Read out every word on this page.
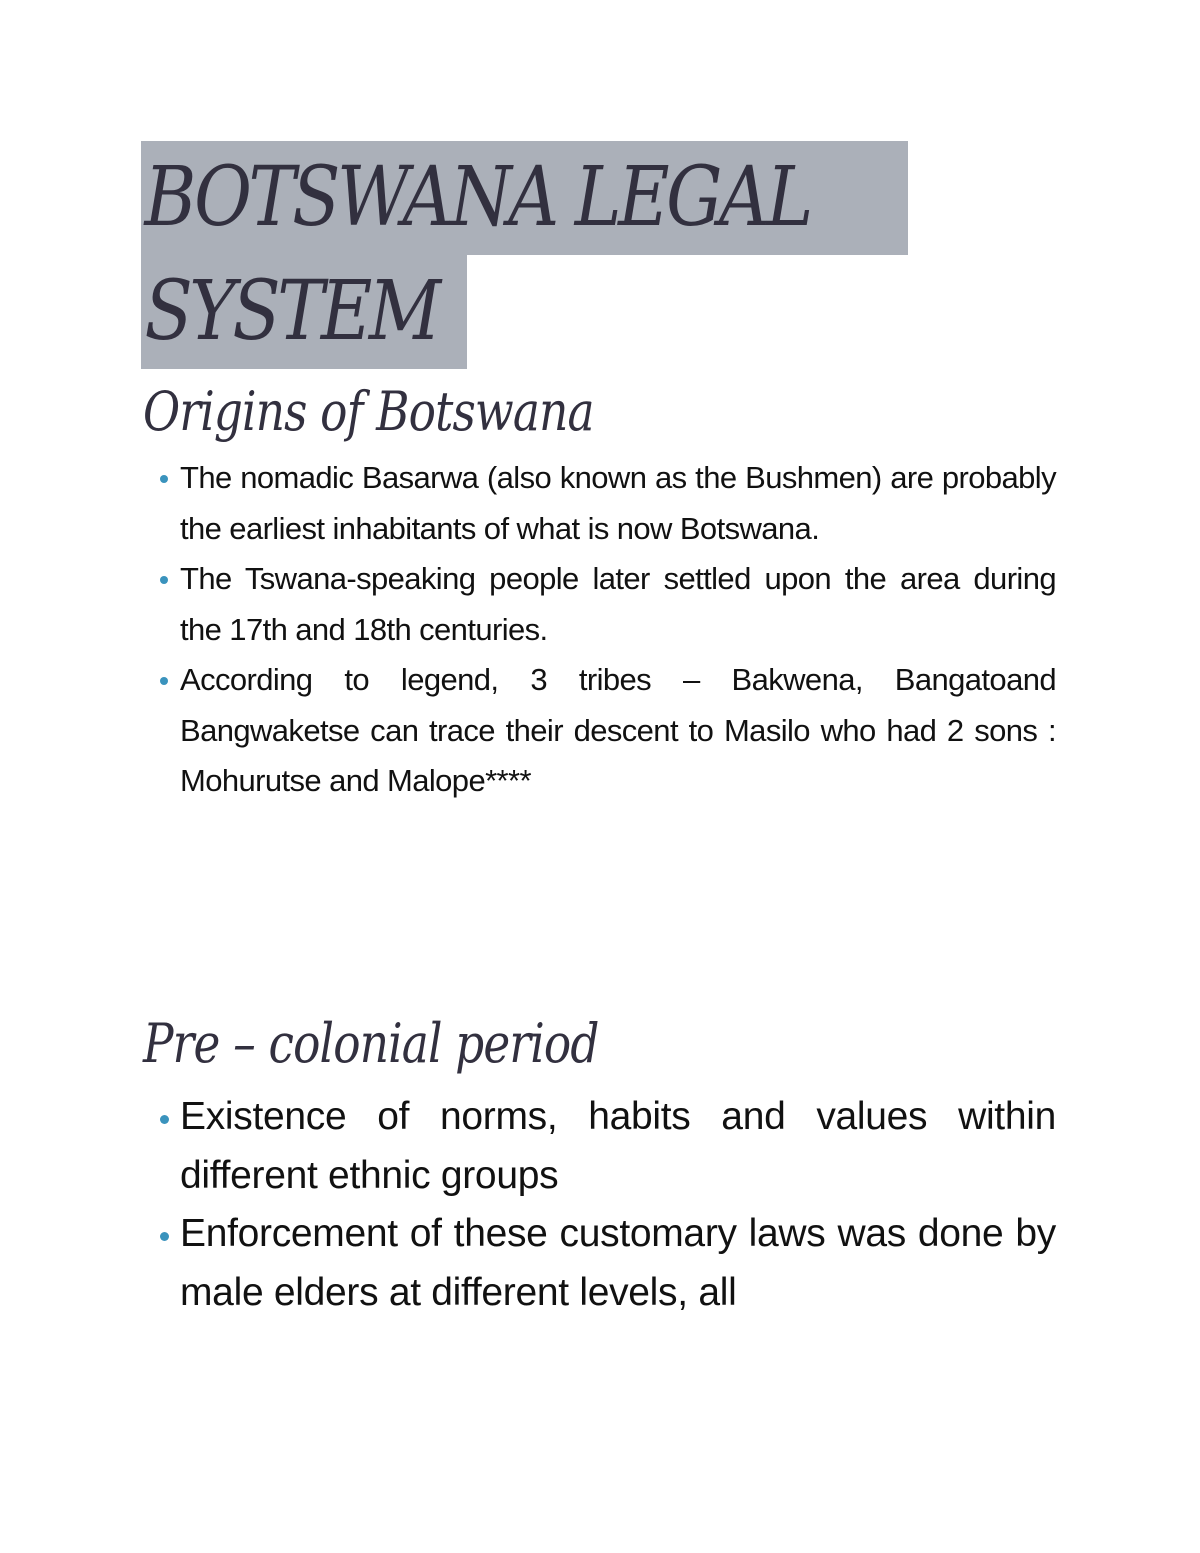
BOTSWANA LEGAL
SYSTEM
Origins of Botswana
The nomadic Basarwa (also known as the Bushmen) are probably the earliest inhabitants of what is now Botswana.
The Tswana-speaking people later settled upon the area during the 17th and 18th centuries.
According to legend, 3 tribes – Bakwena, Bangatoand Bangwaketse can trace their descent to Masilo who had 2 sons : Mohurutse and Malope****
Pre – colonial period
Existence of norms, habits and values within different ethnic groups
Enforcement of these customary laws was done by male elders at different levels, all
